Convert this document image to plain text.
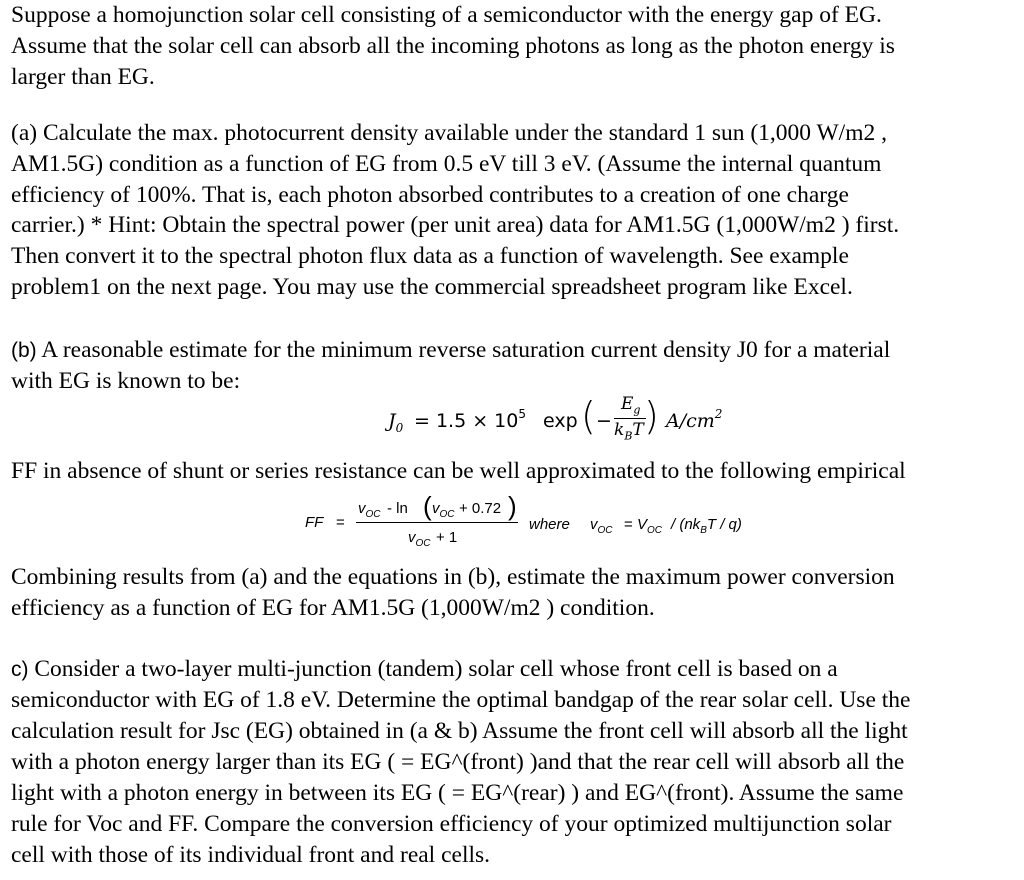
Suppose a homojunction solar cell consisting of a semiconductor with the energy gap of EG.
Assume that the solar cell can absorb all the incoming photons as long as the photon energy is
larger than EG.
(a) Calculate the max. photocurrent density available under the standard 1 sun (1,000 W/m2 ,
AM1.5G) condition as a function of EG from 0.5 eV till 3 eV. (Assume the internal quantum
efficiency of 100%. That is, each photon absorbed contributes to a creation of one charge
carrier.) * Hint: Obtain the spectral power (per unit area) data for AM1.5G (1,000W/m2 ) first.
Then convert it to the spectral photon flux data as a function of wavelength. See example
problem1 on the next page. You may use the commercial spreadsheet program like Excel.
(b) A reasonable estimate for the minimum reverse saturation current density J0 for a material
with EG is known to be:
$J_0 = 1.5 \times 10^5$ exp ( −
$E_g$
$k_BT$ ) $A/cm^2$
FF in absence of shunt or series resistance can be well approximated to the following empirical
FF =
$v_{OC}$ - ln ( $v_{OC} + 0.72$ )
$v_{OC} + 1$
where $v_{OC} = V_{OC} / (nk_BT / q)$
Combining results from (a) and the equations in (b), estimate the maximum power conversion
efficiency as a function of EG for AM1.5G (1,000W/m2 ) condition.
c) Consider a two-layer multi-junction (tandem) solar cell whose front cell is based on a
semiconductor with EG of 1.8 eV. Determine the optimal bandgap of the rear solar cell. Use the
calculation result for Jsc (EG) obtained in (a & b) Assume the front cell will absorb all the light
with a photon energy larger than its EG ( = EG^(front) )and that the rear cell will absorb all the
light with a photon energy in between its EG ( = EG^(rear) ) and EG^(front). Assume the same
rule for Voc and FF. Compare the conversion efficiency of your optimized multijunction solar
cell with those of its individual front and real cells.
